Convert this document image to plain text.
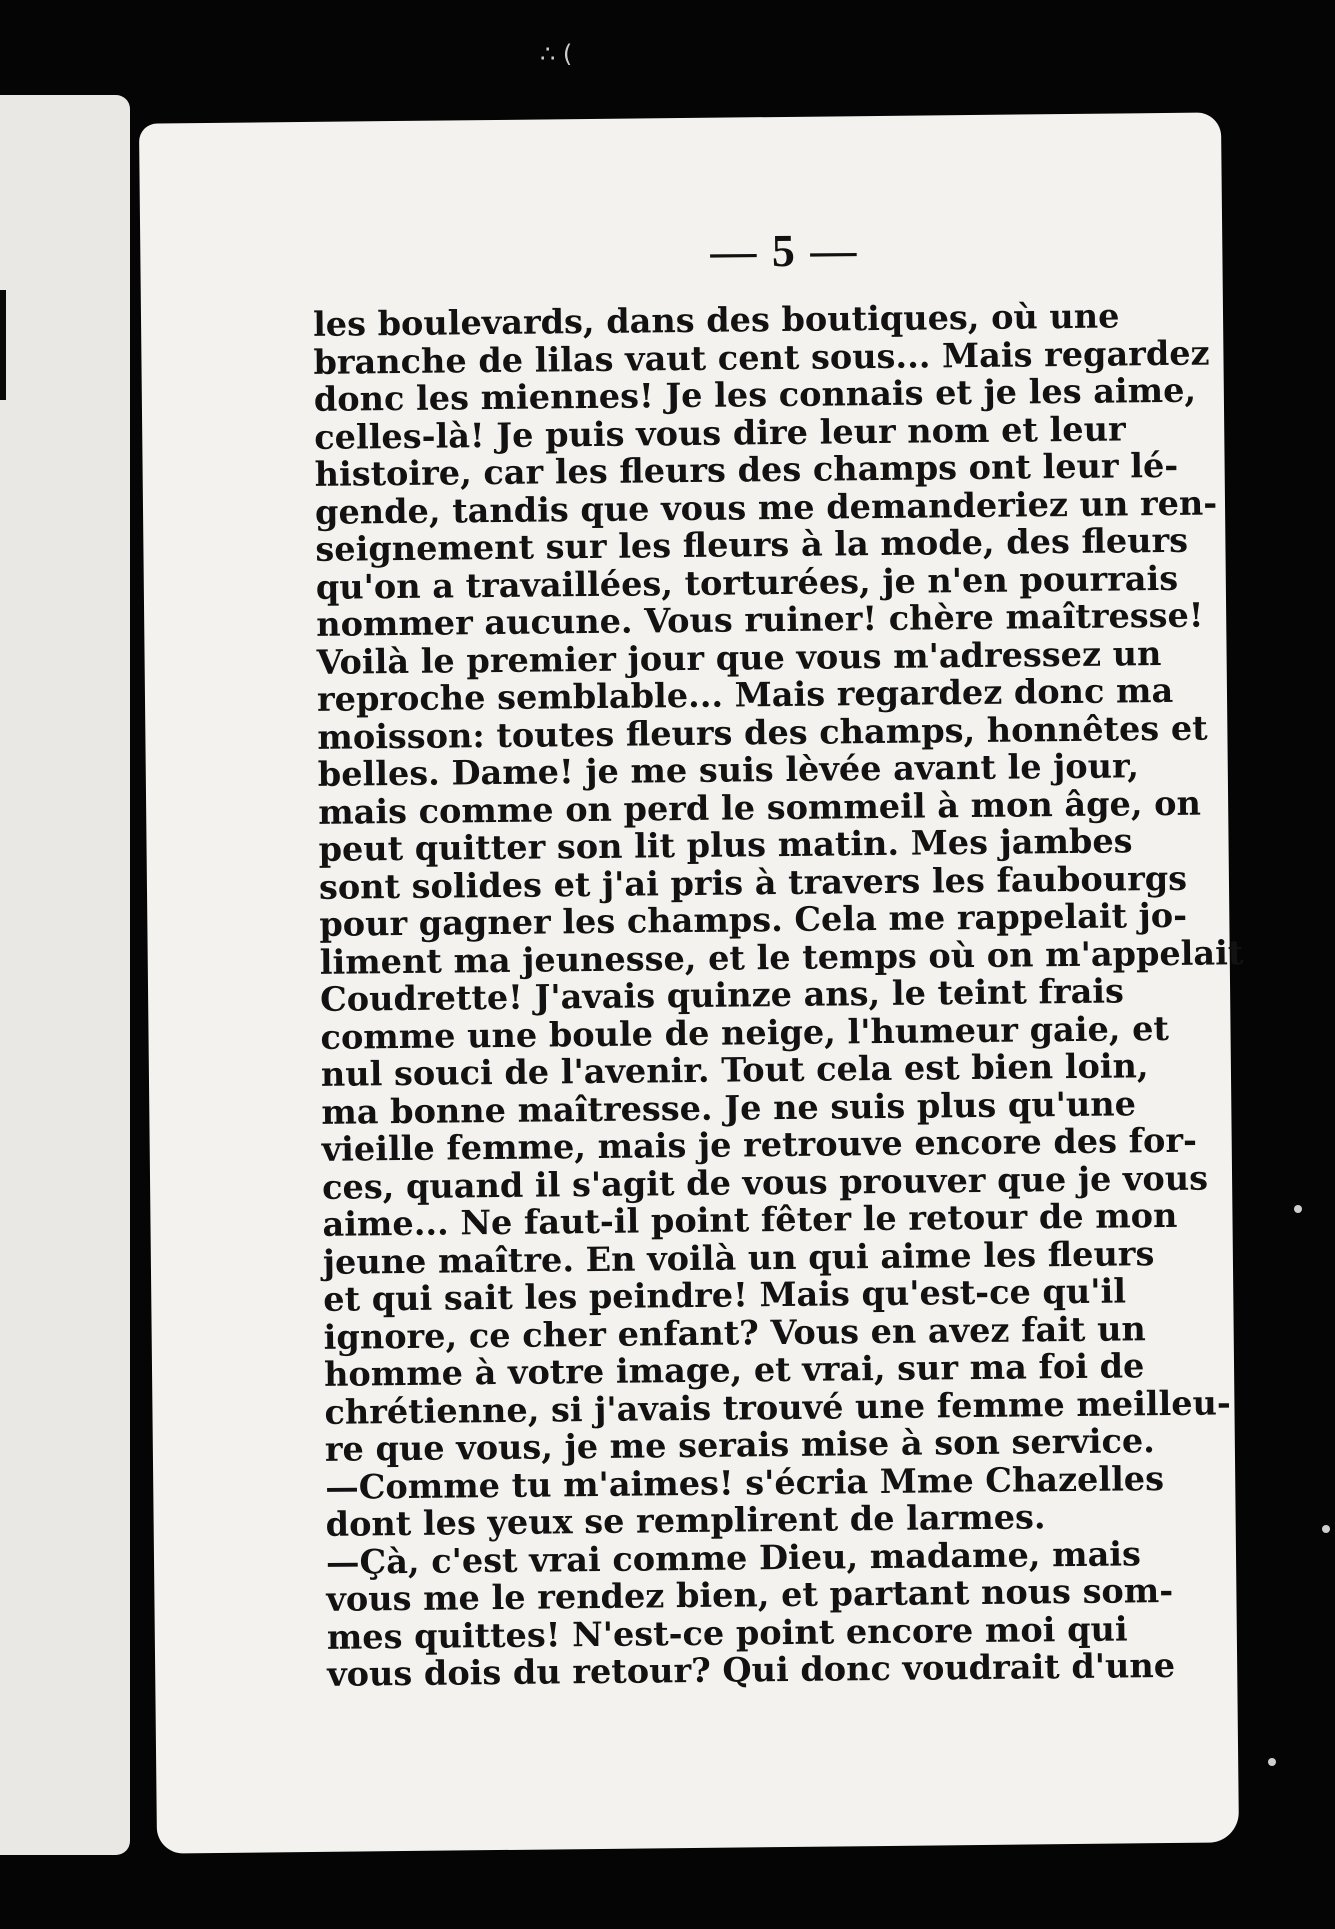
∴ (
— 5 —
les boulevards, dans des boutiques, où une
branche de lilas vaut cent sous... Mais regardez
donc les miennes! Je les connais et je les aime,
celles-là! Je puis vous dire leur nom et leur
histoire, car les fleurs des champs ont leur lé-
gende, tandis que vous me demanderiez un ren-
seignement sur les fleurs à la mode, des fleurs
qu'on a travaillées, torturées, je n'en pourrais
nommer aucune. Vous ruiner! chère maîtresse!
Voilà le premier jour que vous m'adressez un
reproche semblable... Mais regardez donc ma
moisson: toutes fleurs des champs, honnêtes et
belles. Dame! je me suis lèvée avant le jour,
mais comme on perd le sommeil à mon âge, on
peut quitter son lit plus matin. Mes jambes
sont solides et j'ai pris à travers les faubourgs
pour gagner les champs. Cela me rappelait jo-
liment ma jeunesse, et le temps où on m'appelait
Coudrette! J'avais quinze ans, le teint frais
comme une boule de neige, l'humeur gaie, et
nul souci de l'avenir. Tout cela est bien loin,
ma bonne maîtresse. Je ne suis plus qu'une
vieille femme, mais je retrouve encore des for-
ces, quand il s'agit de vous prouver que je vous
aime... Ne faut-il point fêter le retour de mon
jeune maître. En voilà un qui aime les fleurs
et qui sait les peindre! Mais qu'est-ce qu'il
ignore, ce cher enfant? Vous en avez fait un
homme à votre image, et vrai, sur ma foi de
chrétienne, si j'avais trouvé une femme meilleu-
re que vous, je me serais mise à son service.
—Comme tu m'aimes! s'écria Mme Chazelles
dont les yeux se remplirent de larmes.
—Çà, c'est vrai comme Dieu, madame, mais
vous me le rendez bien, et partant nous som-
mes quittes! N'est-ce point encore moi qui
vous dois du retour? Qui donc voudrait d'une
